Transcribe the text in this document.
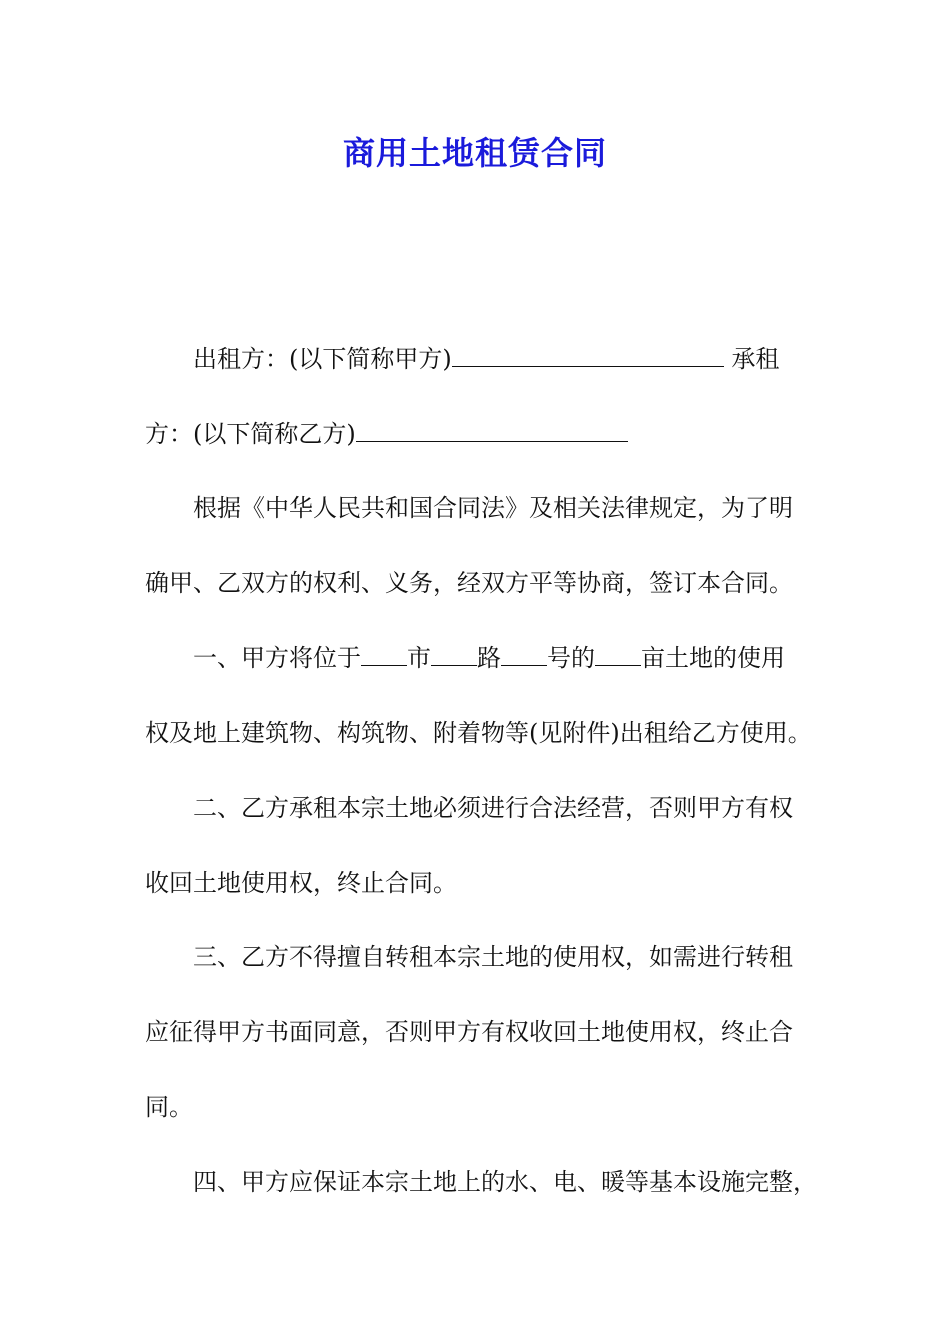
商用土地租赁合同
出租方：(以下简称甲方)	承租
方：(以下简称乙方)
根据《中华人民共和国合同法》及相关法律规定，为了明
确甲、乙双方的权利、义务，经双方平等协商，签订本合同。
一、甲方将位于 市 路 号的 亩土地的使用
权及地上建筑物、构筑物、附着物等(见附件)出租给乙方使用。
二、乙方承租本宗土地必须进行合法经营，否则甲方有权
收回土地使用权，终止合同。
三、乙方不得擅自转租本宗土地的使用权，如需进行转租
应征得甲方书面同意，否则甲方有权收回土地使用权，终止合
同。
四、甲方应保证本宗土地上的水、电、暖等基本设施完整，
